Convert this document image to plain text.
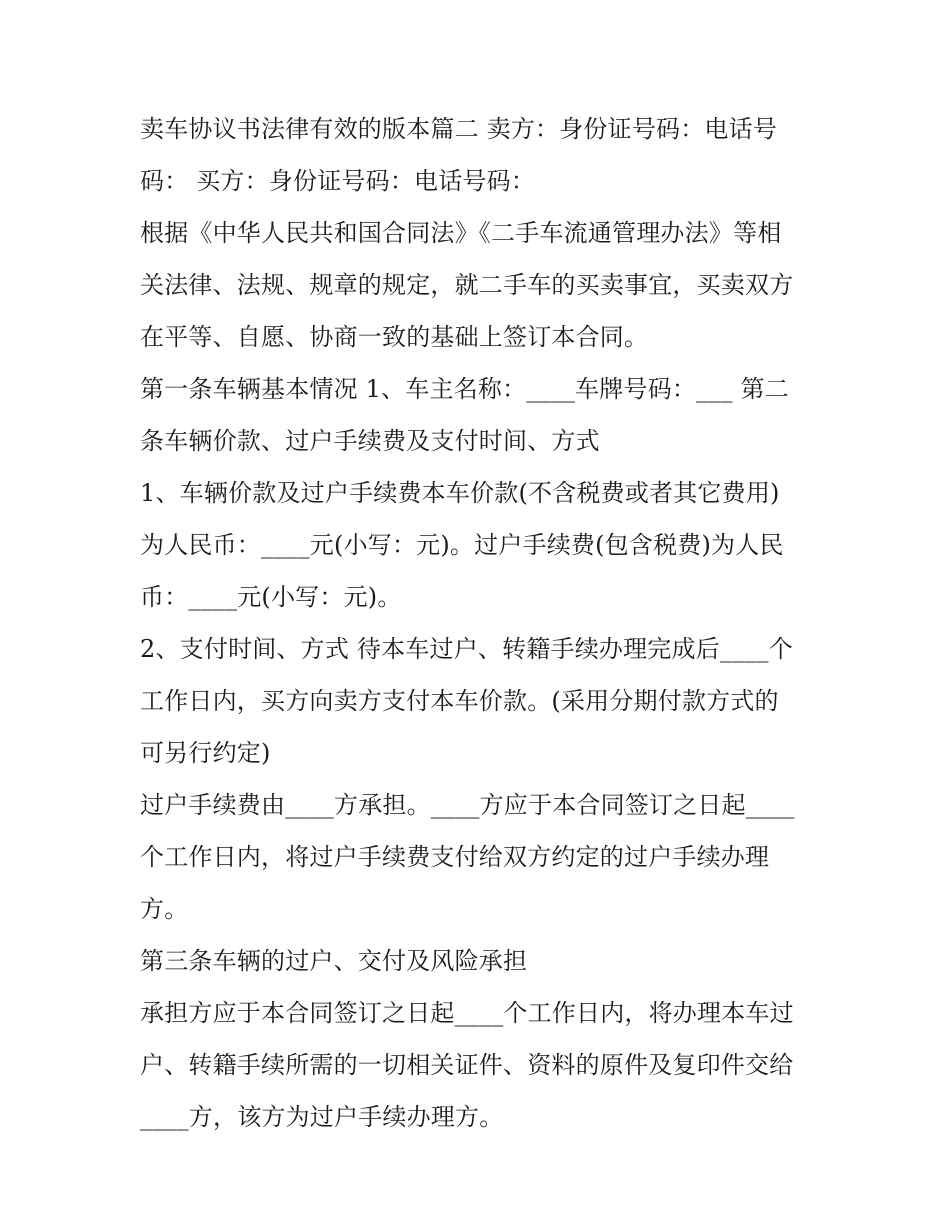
卖车协议书法律有效的版本篇二 卖方：身份证号码：电话号
码： 买方：身份证号码：电话号码：
根据《中华人民共和国合同法》《二手车流通管理办法》等相
关法律、法规、规章的规定，就二手车的买卖事宜，买卖双方
在平等、自愿、协商一致的基础上签订本合同。
第一条车辆基本情况 1、车主名称：____车牌号码：___ 第二
条车辆价款、过户手续费及支付时间、方式
1、车辆价款及过户手续费本车价款(不含税费或者其它费用)
为人民币：____元(小写：元)。过户手续费(包含税费)为人民
币：____元(小写：元)。
2、支付时间、方式 待本车过户、转籍手续办理完成后____个
工作日内，买方向卖方支付本车价款。(采用分期付款方式的
可另行约定)
过户手续费由____方承担。____方应于本合同签订之日起____
个工作日内，将过户手续费支付给双方约定的过户手续办理
方。
第三条车辆的过户、交付及风险承担
承担方应于本合同签订之日起____个工作日内，将办理本车过
户、转籍手续所需的一切相关证件、资料的原件及复印件交给
____方，该方为过户手续办理方。
